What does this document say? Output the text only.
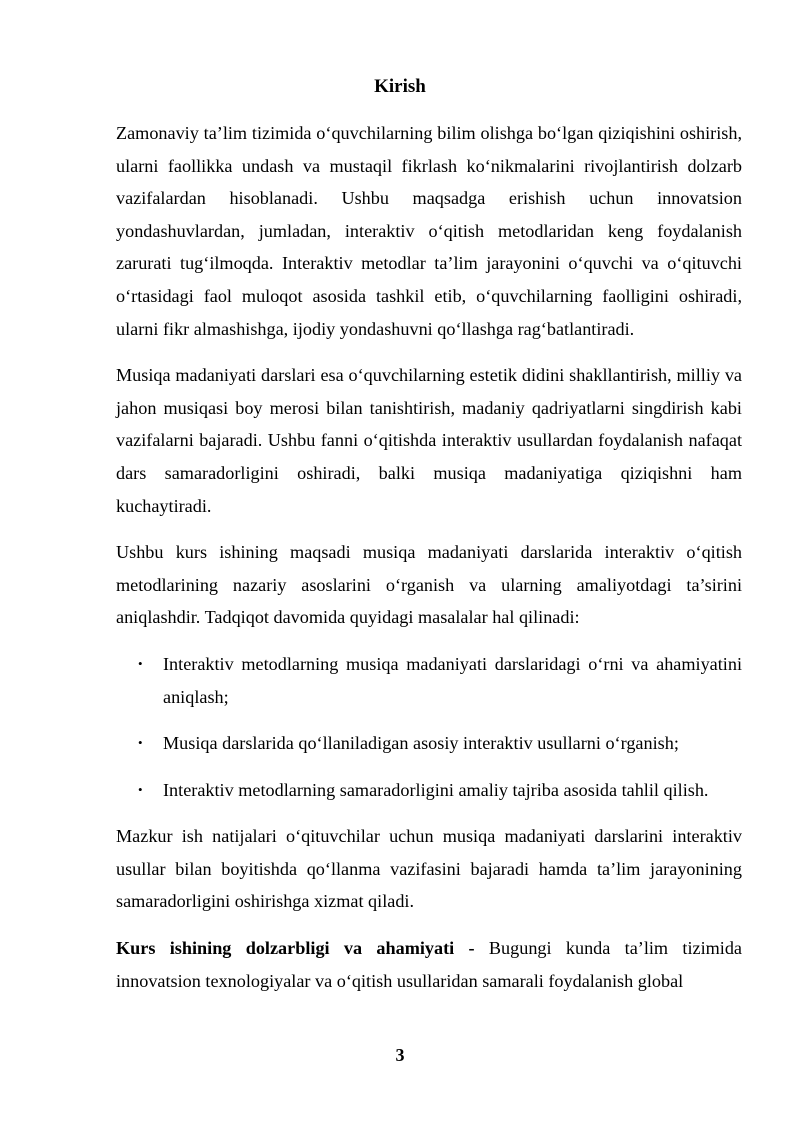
Kirish

Zamonaviy ta’lim tizimida o‘quvchilarning bilim olishga bo‘lgan qiziqishini oshirish, ularni faollikka undash va mustaqil fikrlash ko‘nikmalarini rivojlantirish dolzarb vazifalardan hisoblanadi. Ushbu maqsadga erishish uchun innovatsion yondashuvlardan, jumladan, interaktiv o‘qitish metodlaridan keng foydalanish zarurati tug‘ilmoqda. Interaktiv metodlar ta’lim jarayonini o‘quvchi va o‘qituvchi o‘rtasidagi faol muloqot asosida tashkil etib, o‘quvchilarning faolligini oshiradi, ularni fikr almashishga, ijodiy yondashuvni qo‘llashga rag‘batlantiradi.

Musiqa madaniyati darslari esa o‘quvchilarning estetik didini shakllantirish, milliy va jahon musiqasi boy merosi bilan tanishtirish, madaniy qadriyatlarni singdirish kabi vazifalarni bajaradi. Ushbu fanni o‘qitishda interaktiv usullardan foydalanish nafaqat dars samaradorligini oshiradi, balki musiqa madaniyatiga qiziqishni ham kuchaytiradi.

Ushbu kurs ishining maqsadi musiqa madaniyati darslarida interaktiv o‘qitish metodlarining nazariy asoslarini o‘rganish va ularning amaliyotdagi ta’sirini aniqlashdir. Tadqiqot davomida quyidagi masalalar hal qilinadi:

• Interaktiv metodlarning musiqa madaniyati darslaridagi o‘rni va ahamiyatini aniqlash;
• Musiqa darslarida qo‘llaniladigan asosiy interaktiv usullarni o‘rganish;
• Interaktiv metodlarning samaradorligini amaliy tajriba asosida tahlil qilish.

Mazkur ish natijalari o‘qituvchilar uchun musiqa madaniyati darslarini interaktiv usullar bilan boyitishda qo‘llanma vazifasini bajaradi hamda ta’lim jarayonining samaradorligini oshirishga xizmat qiladi.

Kurs ishining dolzarbligi va ahamiyati - Bugungi kunda ta’lim tizimida innovatsion texnologiyalar va o‘qitish usullaridan samarali foydalanish global

3
